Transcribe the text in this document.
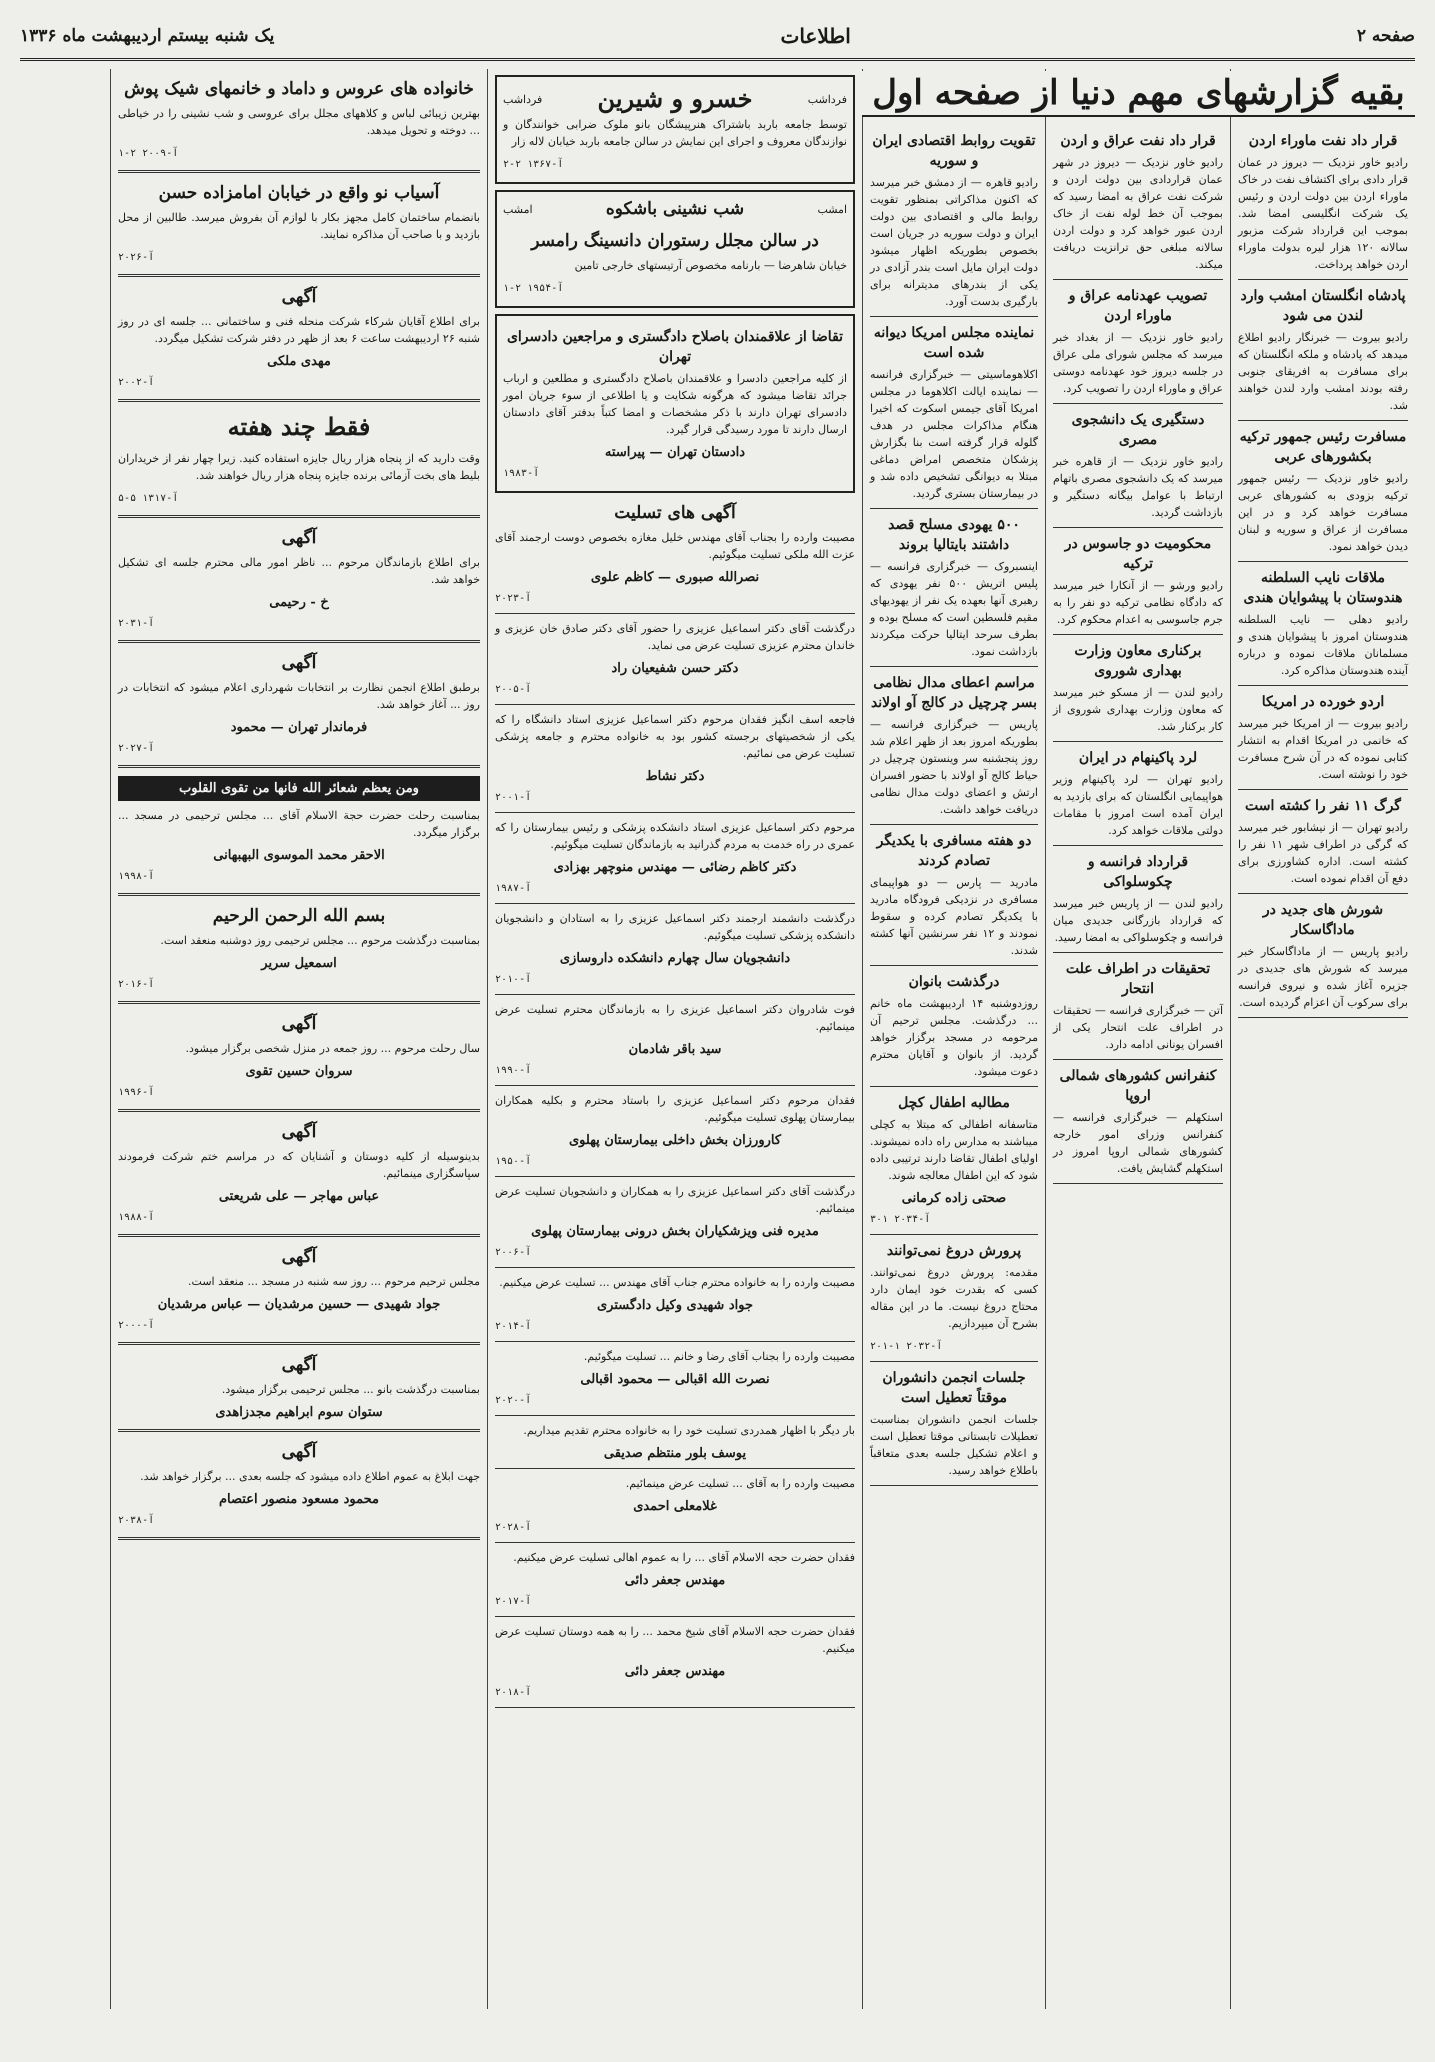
یک شنبه بیستم اردیبهشت ماه ۱۳۳۶	اطلاعات	صفحه ۲
قرار داد نفت ماوراء اردن
رادیو خاور نزدیک — دیروز در عمان قرار دادی برای اکتشاف نفت در خاک ماوراء اردن بین دولت اردن و رئیس یک شرکت انگلیسی امضا شد. بموجب این قرارداد شرکت مزبور سالانه ۱۲۰ هزار لیره بدولت ماوراء اردن خواهد پرداخت.
پادشاه انگلستان امشب وارد لندن می شود
رادیو بیروت — خبرنگار رادیو اطلاع میدهد که پادشاه و ملکه انگلستان که برای مسافرت به افریقای جنوبی رفته بودند امشب وارد لندن خواهند شد.
مسافرت رئیس جمهور ترکیه بکشورهای عربی
رادیو خاور نزدیک — رئیس جمهور ترکیه بزودی به کشورهای عربی مسافرت خواهد کرد و در این مسافرت از عراق و سوریه و لبنان دیدن خواهد نمود.
ملاقات نایب السلطنه هندوستان با پیشوایان هندی
رادیو دهلی — نایب السلطنه هندوستان امروز با پیشوایان هندی و مسلمانان ملاقات نموده و درباره آینده هندوستان مذاکره کرد.
اردو خورده در امریکا
رادیو بیروت — از امریکا خبر میرسد که خانمی در امریکا اقدام به انتشار کتابی نموده که در آن شرح مسافرت خود را نوشته است.
گرگ ۱۱ نفر را کشته است
رادیو تهران — از نیشابور خبر میرسد که گرگی در اطراف شهر ۱۱ نفر را کشته است. اداره کشاورزی برای دفع آن اقدام نموده است.
شورش های جدید در ماداگاسکار
رادیو پاریس — از ماداگاسکار خبر میرسد که شورش های جدیدی در جزیره آغاز شده و نیروی فرانسه برای سرکوب آن اعزام گردیده است.
قرار داد نفت عراق و اردن
رادیو خاور نزدیک — دیروز در شهر عمان قراردادی بین دولت اردن و شرکت نفت عراق به امضا رسید که بموجب آن خط لوله نفت از خاک اردن عبور خواهد کرد و دولت اردن سالانه مبلغی حق ترانزیت دریافت میکند.
تصویب عهدنامه عراق و ماوراء اردن
رادیو خاور نزدیک — از بغداد خبر میرسد که مجلس شورای ملی عراق در جلسه دیروز خود عهدنامه دوستی عراق و ماوراء اردن را تصویب کرد.
دستگیری یک دانشجوی مصری
رادیو خاور نزدیک — از قاهره خبر میرسد که یک دانشجوی مصری باتهام ارتباط با عوامل بیگانه دستگیر و بازداشت گردید.
محکومیت دو جاسوس در ترکیه
رادیو ورشو — از آنکارا خبر میرسد که دادگاه نظامی ترکیه دو نفر را به جرم جاسوسی به اعدام محکوم کرد.
برکناری معاون وزارت بهداری شوروی
رادیو لندن — از مسکو خبر میرسد که معاون وزارت بهداری شوروی از کار برکنار شد.
لرد پاکینهام در ایران
رادیو تهران — لرد پاکینهام وزیر هواپیمایی انگلستان که برای بازدید به ایران آمده است امروز با مقامات دولتی ملاقات خواهد کرد.
قرارداد فرانسه و چکوسلواکی
رادیو لندن — از پاریس خبر میرسد که قرارداد بازرگانی جدیدی میان فرانسه و چکوسلواکی به امضا رسید.
تحقیقات در اطراف علت انتحار
آتن — خبرگزاری فرانسه — تحقیقات در اطراف علت انتحار یکی از افسران یونانی ادامه دارد.
کنفرانس کشورهای شمالی اروپا
استکهلم — خبرگزاری فرانسه — کنفرانس وزرای امور خارجه کشورهای شمالی اروپا امروز در استکهلم گشایش یافت.
تقویت روابط اقتصادی ایران و سوریه
رادیو قاهره — از دمشق خبر میرسد که اکنون مذاکراتی بمنظور تقویت روابط مالی و اقتصادی بین دولت ایران و دولت سوریه در جریان است بخصوص بطوریکه اظهار میشود دولت ایران مایل است بندر آزادی در یکی از بندرهای مدیترانه برای بارگیری بدست آورد.
نماینده مجلس امریکا دیوانه شده است
اکلاهوماسیتی — خبرگزاری فرانسه — نماینده ایالت اکلاهوما در مجلس امریکا آقای جیمس اسکوت که اخیرا هنگام مذاکرات مجلس در هدف گلوله قرار گرفته است بنا بگزارش پزشکان متخصص امراض دماغی مبتلا به دیوانگی تشخیص داده شد و در بیمارستان بستری گردید.
۵۰۰ یهودی مسلح قصد داشتند بایتالیا بروند
اینسبروک — خبرگزاری فرانسه — پلیس اتریش ۵۰۰ نفر یهودی که رهبری آنها بعهده یک نفر از یهودیهای مقیم فلسطین است که مسلح بوده و بطرف سرحد ایتالیا حرکت میکردند بازداشت نمود.
مراسم اعطای مدال نظامی بسر چرچیل در کالج آو اولاند
پاریس — خبرگزاری فرانسه — بطوریکه امروز بعد از ظهر اعلام شد روز پنجشنبه سر وینستون چرچیل در حیاط کالج آو اولاند با حضور افسران ارتش و اعضای دولت مدال نظامی دریافت خواهد داشت.
دو هفته مسافری با یکدیگر تصادم کردند
مادرید — پارس — دو هواپیمای مسافری در نزدیکی فرودگاه مادرید با یکدیگر تصادم کرده و سقوط نمودند و ۱۲ نفر سرنشین آنها کشته شدند.
درگذشت بانوان
روزدوشنبه ۱۴ اردیبهشت ماه خانم ... درگذشت. مجلس ترحیم آن مرحومه در مسجد برگزار خواهد گردید. از بانوان و آقایان محترم دعوت میشود.
مطالبه اطفال کچل
متاسفانه اطفالی که مبتلا به کچلی میباشند به مدارس راه داده نمیشوند. اولیای اطفال تقاضا دارند ترتیبی داده شود که این اطفال معالجه شوند.
صحتی زاده کرمانی
آ-۲۰۳۴ ۳۰۱
پرورش دروغ نمی‌توانند
مقدمه: پرورش دروغ نمی‌توانند. کسی که بقدرت خود ایمان دارد محتاج دروغ نیست. ما در این مقاله بشرح آن میپردازیم.
آ-۲۰۳۲ ۱-۲۰۱
جلسات انجمن دانشوران موقتاً تعطیل است
جلسات انجمن دانشوران بمناسبت تعطیلات تابستانی موقتا تعطیل است و اعلام تشکیل جلسه بعدی متعاقباً باطلاع خواهد رسید.
فرداشب
خسرو و شیرین
فرداشب
توسط جامعه باربد باشتراک هنرپیشگان بانو ملوک ضرابی خوانندگان و نوازندگان معروف و اجرای این نمایش در سالن جامعه باربد خیابان لاله زار
آ-۱۳۶۷ ۲-۲
امشب
شب نشینی باشکوه
امشب
در سالن مجلل رستوران دانسینگ رامسر
خیابان شاهرضا — بارنامه مخصوص آرتیستهای خارجی تامین
آ-۱۹۵۴ ۲-۱
تقاضا از علاقمندان باصلاح دادگستری و مراجعین دادسرای تهران
از کلیه مراجعین دادسرا و علاقمندان باصلاح دادگستری و مطلعین و ارباب جرائد تقاضا میشود که هرگونه شکایت و یا اطلاعی از سوء جریان امور دادسرای تهران دارند با ذکر مشخصات و امضا کتباً بدفتر آقای دادستان ارسال دارند تا مورد رسیدگی قرار گیرد.
دادستان تهران — پیراسته
آ-۱۹۸۳
آگهی های تسلیت
مصیبت وارده را بجناب آقای مهندس خلیل مغازه بخصوص دوست ارجمند آقای عزت الله ملکی تسلیت میگوئیم.
نصرالله صبوری — کاظم علوی
آ-۲۰۲۳
درگذشت آقای دکتر اسماعیل عزیزی را حضور آقای دکتر صادق خان عزیزی و خاندان محترم عزیزی تسلیت عرض می نماید.
دکتر حسن شفیعیان راد
آ-۲۰۰۵
فاجعه اسف انگیز فقدان مرحوم دکتر اسماعیل عزیزی استاد دانشگاه را که یکی از شخصیتهای برجسته کشور بود به خانواده محترم و جامعه پزشکی تسلیت عرض می نمائیم.
دکتر نشاط
آ-۲۰۰۱
مرحوم دکتر اسماعیل عزیزی استاد دانشکده پزشکی و رئیس بیمارستان را که عمری در راه خدمت به مردم گذرانید به بازماندگان تسلیت میگوئیم.
دکتر کاظم رضائی — مهندس منوچهر بهزادی
آ-۱۹۸۷
درگذشت دانشمند ارجمند دکتر اسماعیل عزیزی را به استادان و دانشجویان دانشکده پزشکی تسلیت میگوئیم.
دانشجویان سال چهارم دانشکده داروسازی
آ-۲۰۱۰
فوت شادروان دکتر اسماعیل عزیزی را به بازماندگان محترم تسلیت عرض مینمائیم.
سید باقر شادمان
آ-۱۹۹۰
فقدان مرحوم دکتر اسماعیل عزیزی را باستاد محترم و بکلیه همکاران بیمارستان پهلوی تسلیت میگوئیم.
کارورزان بخش داخلی بیمارستان پهلوی
آ-۱۹۵۰
درگذشت آقای دکتر اسماعیل عزیزی را به همکاران و دانشجویان تسلیت عرض مینمائیم.
مدیره فنی ویزشکیاران بخش درونی بیمارستان پهلوی
آ-۲۰۰۶
مصیبت وارده را به خانواده محترم جناب آقای مهندس ... تسلیت عرض میکنیم.
جواد شهیدی وکیل دادگستری
آ-۲۰۱۴
مصیبت وارده را بجناب آقای رضا و خانم ... تسلیت میگوئیم.
نصرت الله اقبالی — محمود اقبالی
آ-۲۰۲۰
بار دیگر با اظهار همدردی تسلیت خود را به خانواده محترم تقدیم میداریم.
یوسف بلور منتظم صدیقی
مصیبت وارده را به آقای ... تسلیت عرض مینمائیم.
غلامعلی احمدی
آ-۲۰۲۸
فقدان حضرت حجه الاسلام آقای ... را به عموم اهالی تسلیت عرض میکنیم.
مهندس جعفر دائی
آ-۲۰۱۷
فقدان حضرت حجه الاسلام آقای شیخ محمد ... را به همه دوستان تسلیت عرض میکنیم.
مهندس جعفر دائی
آ-۲۰۱۸
خانواده های عروس و داماد و خانمهای شیک پوش
بهترین زیبائی لباس و کلاههای مجلل برای عروسی و شب نشینی را در خیاطی ... دوخته و تحویل میدهد.
آ-۲۰۰۹ ۲-۱
آسیاب نو واقع در خیابان امامزاده حسن
بانضمام ساختمان کامل مجهز بکار با لوازم آن بفروش میرسد. طالبین از محل بازدید و با صاحب آن مذاکره نمایند.
آ-۲۰۲۶
آگهی
برای اطلاع آقایان شرکاء شرکت منحله فنی و ساختمانی ... جلسه ای در روز شنبه ۲۶ اردیبهشت ساعت ۶ بعد از ظهر در دفتر شرکت تشکیل میگردد.
مهدی ملکی
آ-۲۰۰۲
فقط چند هفته
وقت دارید که از پنجاه هزار ریال جایزه استفاده کنید. زیرا چهار نفر از خریداران بلیط های بخت آزمائی برنده جایزه پنجاه هزار ریال خواهند شد.
آ-۱۳۱۷ ۵-۵
آگهی
برای اطلاع بازماندگان مرحوم ... ناظر امور مالی محترم جلسه ای تشکیل خواهد شد.
خ - رحیمی
آ-۲۰۳۱
آگهی
برطبق اطلاع انجمن نظارت بر انتخابات شهرداری اعلام میشود که انتخابات در روز ... آغاز خواهد شد.
فرماندار تهران — محمود
آ-۲۰۲۷
ومن يعظم شعائر الله فانها من تقوى القلوب
بمناسبت رحلت حضرت حجة الاسلام آقای ... مجلس ترحیمی در مسجد ... برگزار میگردد.
الاحقر محمد الموسوی البهبهانی
آ-۱۹۹۸
بسم الله الرحمن الرحیم
بمناسبت درگذشت مرحوم ... مجلس ترحیمی روز دوشنبه منعقد است.
اسمعیل سریر
آ-۲۰۱۶
آگهی
سال رحلت مرحوم ... روز جمعه در منزل شخصی برگزار میشود.
سروان حسین تقوی
آ-۱۹۹۶
آگهی
بدینوسیله از کلیه دوستان و آشنایان که در مراسم ختم شرکت فرمودند سپاسگزاری مینمائیم.
عباس مهاجر — علی شریعتی
آ-۱۹۸۸
آگهی
مجلس ترحیم مرحوم ... روز سه شنبه در مسجد ... منعقد است.
جواد شهیدی — حسین مرشدیان — عباس مرشدیان
آ-۲۰۰۰
آگهی
بمناسبت درگذشت بانو ... مجلس ترحیمی برگزار میشود.
ستوان سوم ابراهیم مجدزاهدی
آگهی
جهت ابلاغ به عموم اطلاع داده میشود که جلسه بعدی ... برگزار خواهد شد.
محمود مسعود منصور اعتصام
آ-۲۰۳۸
بقیه گزارشهای مهم دنیا از صفحه اول
